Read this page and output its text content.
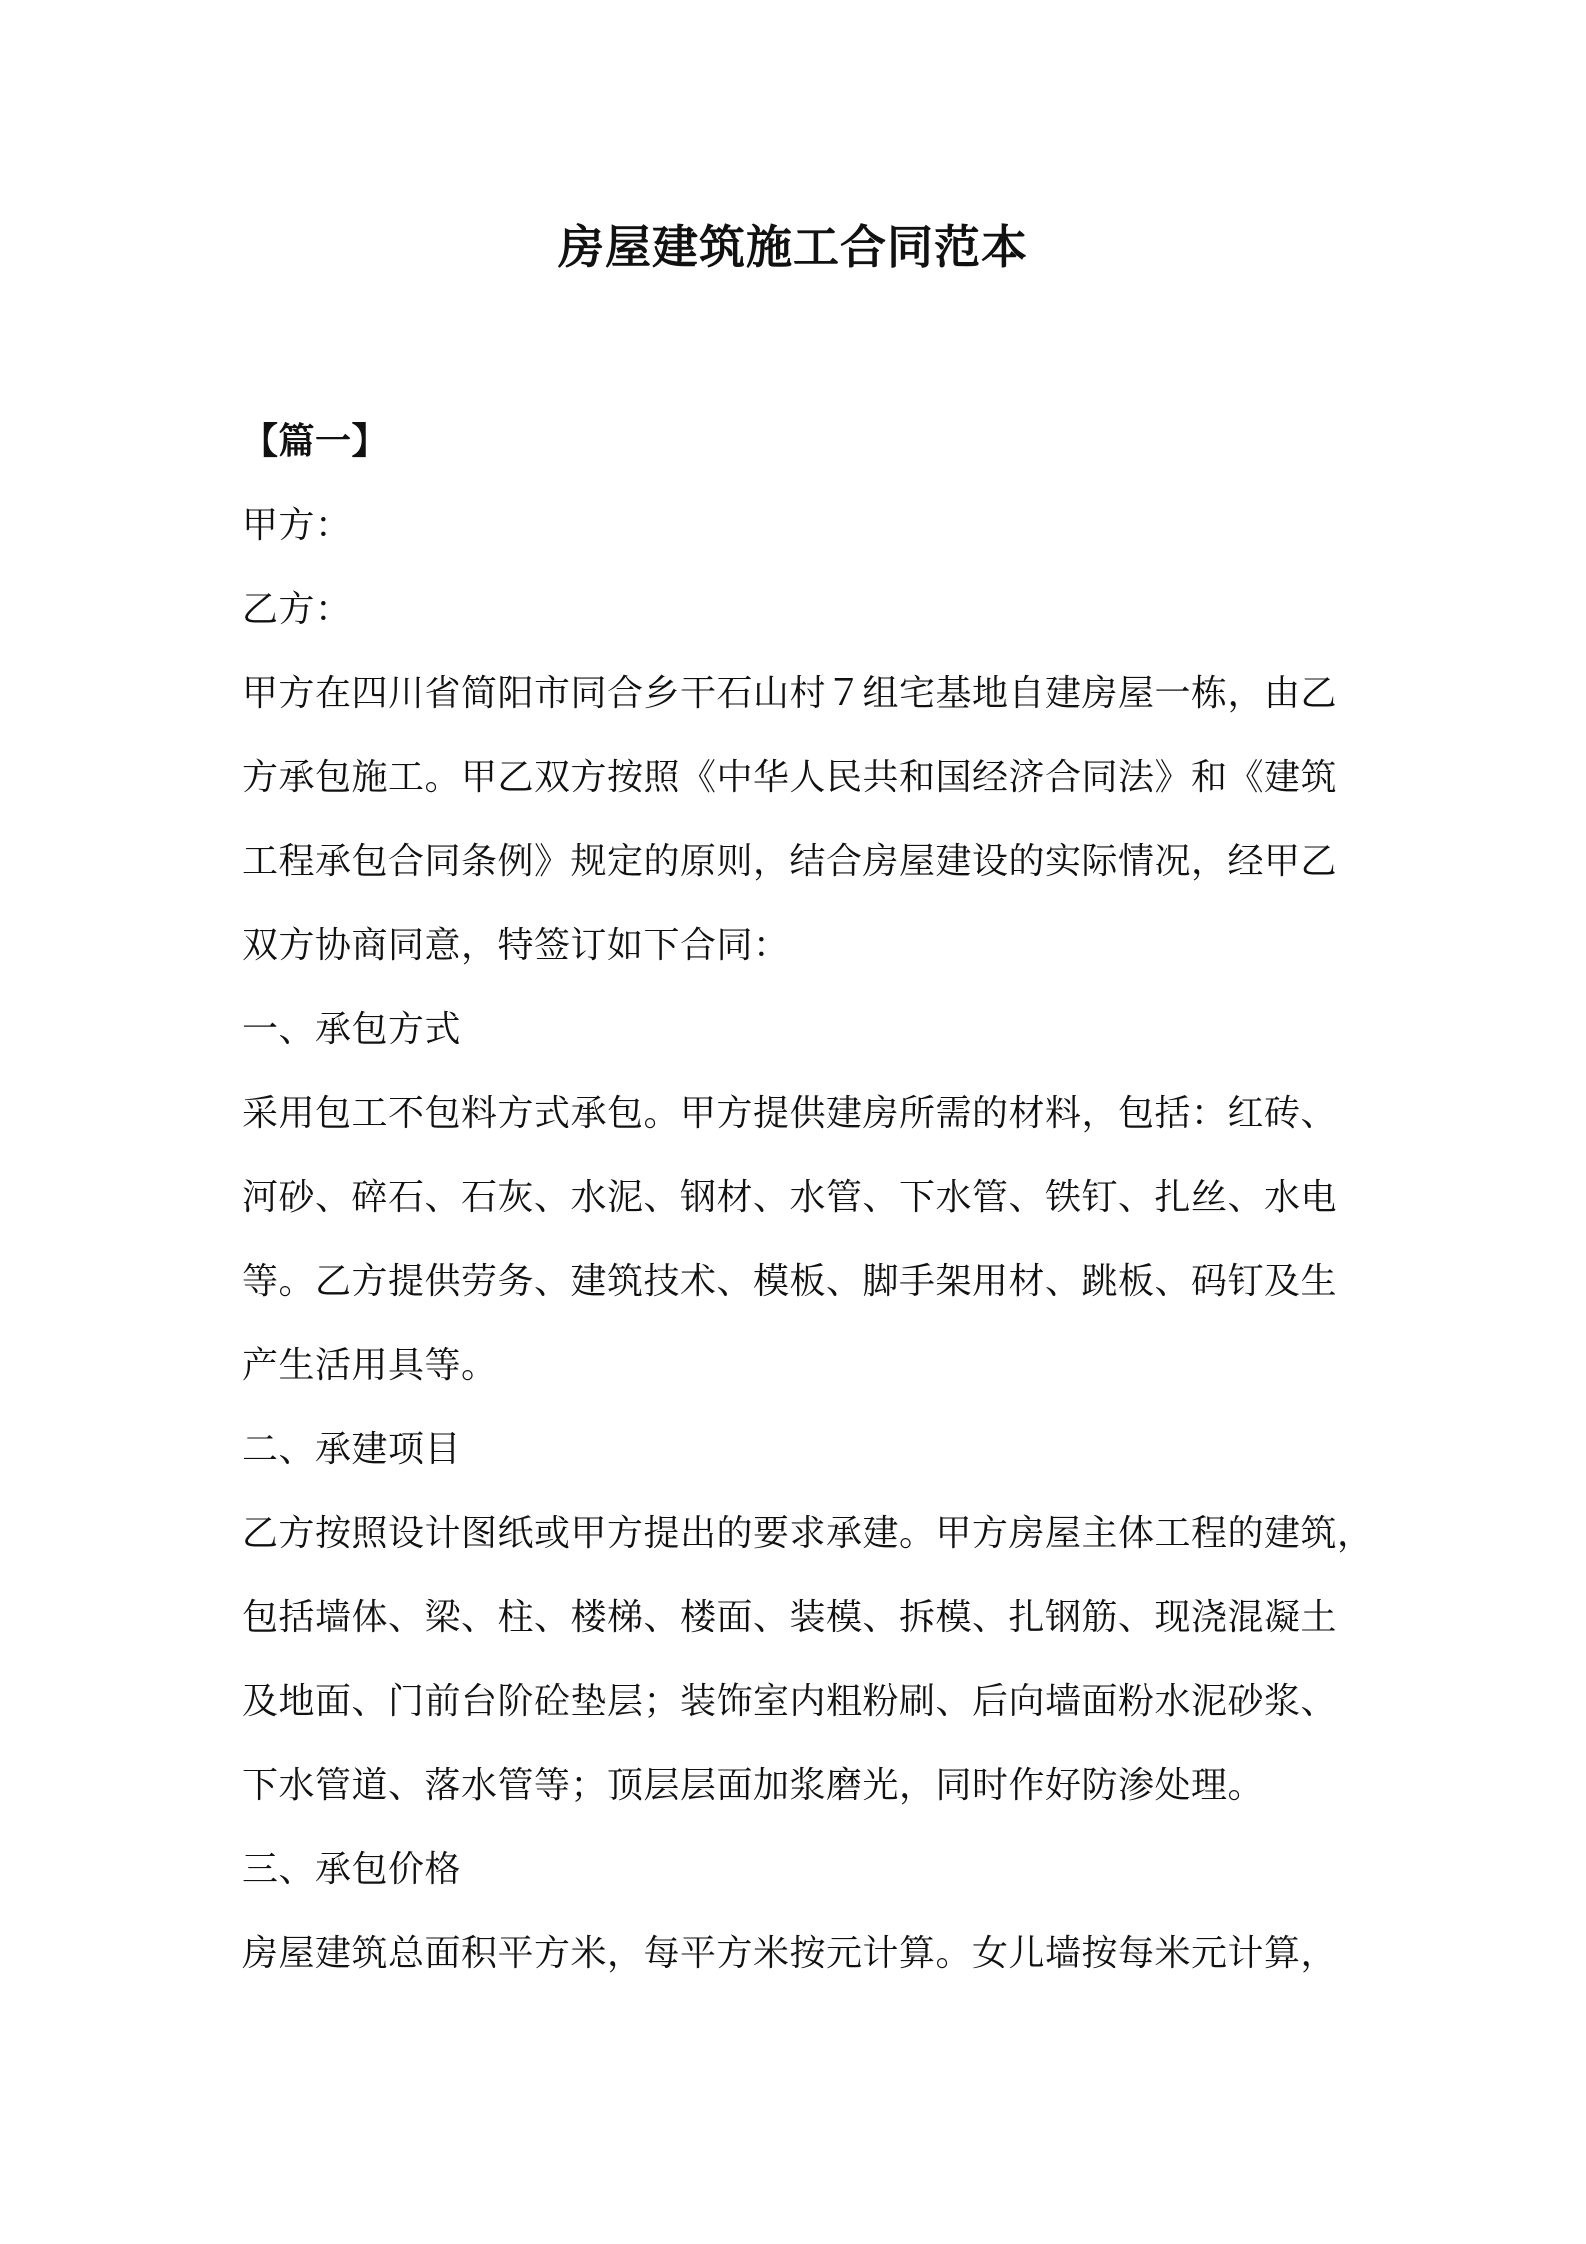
房屋建筑施工合同范本
【篇一】
甲方：
乙方：
甲方在四川省简阳市同合乡干石山村７组宅基地自建房屋一栋，由乙
方承包施工。甲乙双方按照《中华人民共和国经济合同法》和《建筑
工程承包合同条例》规定的原则，结合房屋建设的实际情况，经甲乙
双方协商同意，特签订如下合同：
一、承包方式
采用包工不包料方式承包。甲方提供建房所需的材料，包括：红砖、
河砂、碎石、石灰、水泥、钢材、水管、下水管、铁钉、扎丝、水电
等。乙方提供劳务、建筑技术、模板、脚手架用材、跳板、码钉及生
产生活用具等。
二、承建项目
乙方按照设计图纸或甲方提出的要求承建。甲方房屋主体工程的建筑，
包括墙体、梁、柱、楼梯、楼面、装模、拆模、扎钢筋、现浇混凝土
及地面、门前台阶砼垫层；装饰室内粗粉刷、后向墙面粉水泥砂浆、
下水管道、落水管等；顶层层面加浆磨光，同时作好防渗处理。
三、承包价格
房屋建筑总面积平方米，每平方米按元计算。女儿墙按每米元计算，
